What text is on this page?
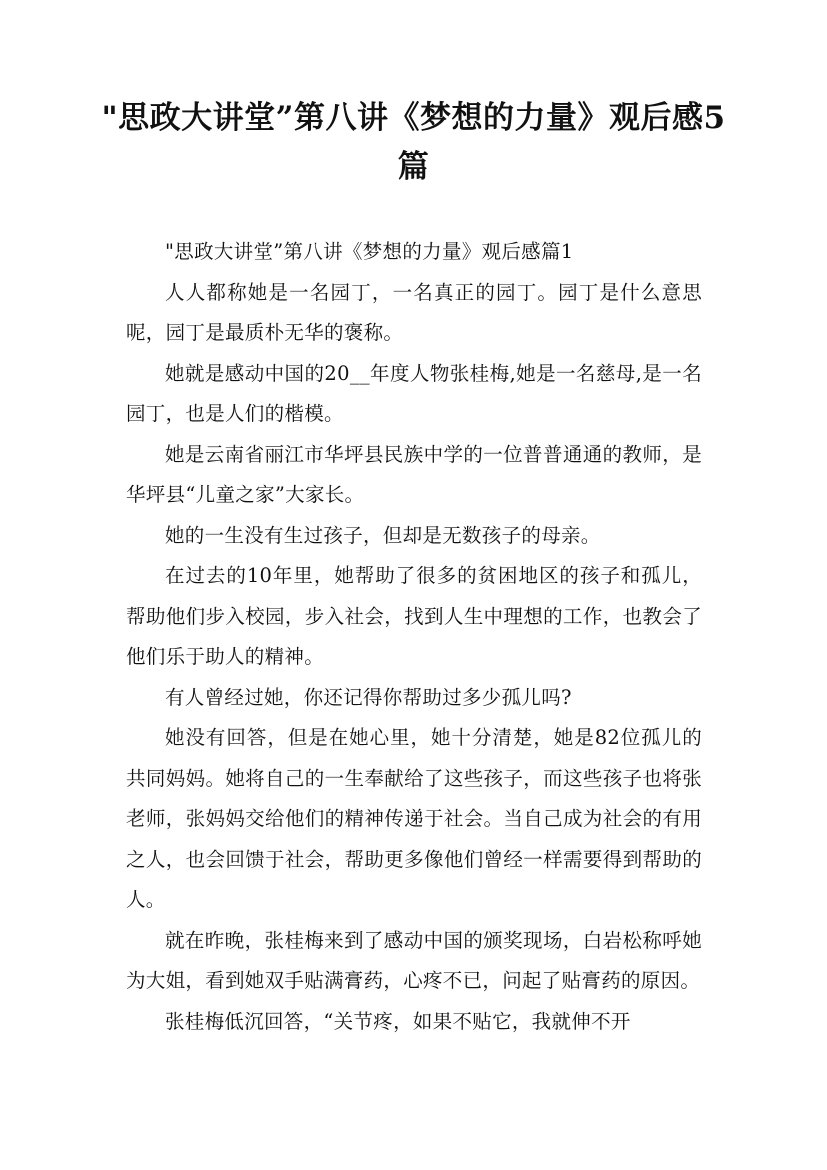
"思政大讲堂”第八讲《梦想的力量》观后感5篇

"思政大讲堂”第八讲《梦想的力量》观后感篇1

人人都称她是一名园丁，一名真正的园丁。园丁是什么意思呢，园丁是最质朴无华的褒称。

她就是感动中国的20__年度人物张桂梅,她是一名慈母,是一名园丁，也是人们的楷模。

她是云南省丽江市华坪县民族中学的一位普普通通的教师，是华坪县“儿童之家”大家长。

她的一生没有生过孩子，但却是无数孩子的母亲。

在过去的10年里，她帮助了很多的贫困地区的孩子和孤儿，帮助他们步入校园，步入社会，找到人生中理想的工作，也教会了他们乐于助人的精神。

有人曾经过她，你还记得你帮助过多少孤儿吗?

她没有回答，但是在她心里，她十分清楚，她是82位孤儿的共同妈妈。她将自己的一生奉献给了这些孩子，而这些孩子也将张老师，张妈妈交给他们的精神传递于社会。当自己成为社会的有用之人，也会回馈于社会，帮助更多像他们曾经一样需要得到帮助的人。

就在昨晚，张桂梅来到了感动中国的颁奖现场，白岩松称呼她为大姐，看到她双手贴满膏药，心疼不已，问起了贴膏药的原因。

张桂梅低沉回答，“关节疼，如果不贴它，我就伸不开
